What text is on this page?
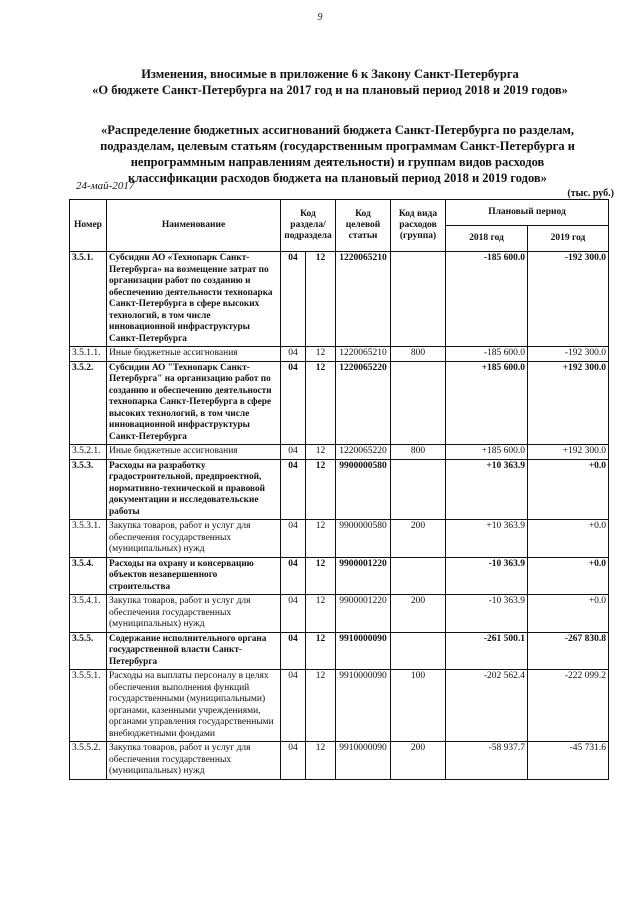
9
Изменения, вносимые в приложение 6 к Закону Санкт-Петербурга
«О бюджете Санкт-Петербурга на 2017 год и на плановый период 2018 и 2019 годов»
«Распределение бюджетных ассигнований бюджета Санкт-Петербурга по разделам,
подразделам, целевым статьям (государственным программам Санкт-Петербурга и
непрограммным направлениям деятельности) и группам видов расходов
классификации расходов бюджета на плановый период 2018 и 2019 годов»
24-май-2017
(тыс. руб.)
Номер	Наименование	Код раздела/ подраздела		Код целевой статьи	Код вида расходов (группа)	Плановый период	
						2018 год	2019 год
3.5.1.	Субсидии АО «Технопарк Санкт-Петербурга» на возмещение затрат по организации работ по созданию и обеспечению деятельности технопарка Санкт-Петербурга в сфере высоких технологий, в том числе инновационной инфраструктуры Санкт-Петербурга	04	12	1220065210		-185 600.0	-192 300.0
3.5.1.1.	Иные бюджетные ассигнования	04	12	1220065210	800	-185 600.0	-192 300.0
3.5.2.	Субсидии АО "Технопарк Санкт-Петербурга" на организацию работ по созданию и обеспечению деятельности технопарка Санкт-Петербурга в сфере высоких технологий, в том числе инновационной инфраструктуры Санкт-Петербурга	04	12	1220065220		+185 600.0	+192 300.0
3.5.2.1.	Иные бюджетные ассигнования	04	12	1220065220	800	+185 600.0	+192 300.0
3.5.3.	Расходы на разработку градостроительной, предпроектной, нормативно-технической и правовой документации и исследовательские работы	04	12	9900000580		+10 363.9	+0.0
3.5.3.1.	Закупка товаров, работ и услуг для обеспечения государственных (муниципальных) нужд	04	12	9900000580	200	+10 363.9	+0.0
3.5.4.	Расходы на охрану и консервацию объектов незавершенного строительства	04	12	9900001220		-10 363.9	+0.0
3.5.4.1.	Закупка товаров, работ и услуг для обеспечения государственных (муниципальных) нужд	04	12	9900001220	200	-10 363.9	+0.0
3.5.5.	Содержание исполнительного органа государственной власти Санкт-Петербурга	04	12	9910000090		-261 500.1	-267 830.8
3.5.5.1.	Расходы на выплаты персоналу в целях обеспечения выполнения функций государственными (муниципальными) органами, казенными учреждениями, органами управления государственными внебюджетными фондами	04	12	9910000090	100	-202 562.4	-222 099.2
3.5.5.2.	Закупка товаров, работ и услуг для обеспечения государственных (муниципальных) нужд	04	12	9910000090	200	-58 937.7	-45 731.6
